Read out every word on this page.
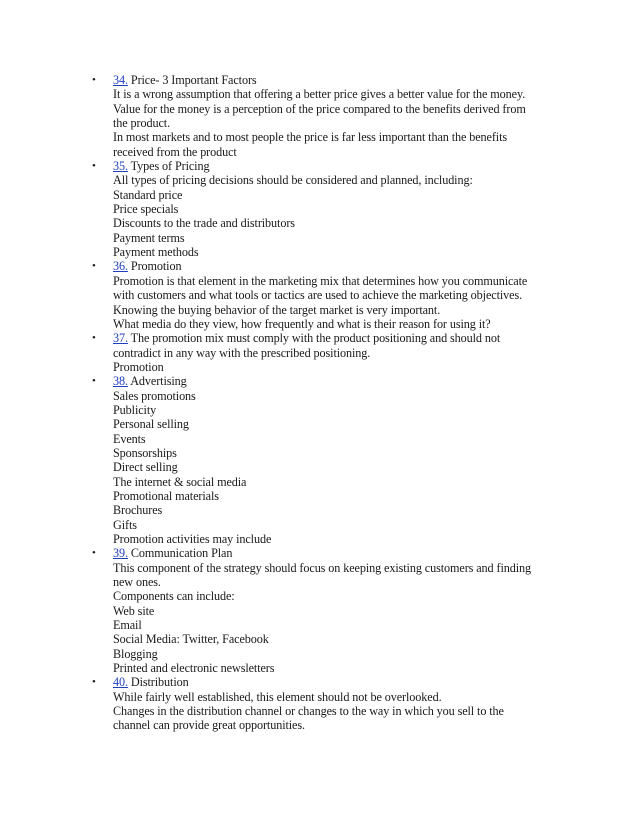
• 34. Price- 3 Important Factors
It is a wrong assumption that offering a better price gives a better value for the money.
Value for the money is a perception of the price compared to the benefits derived from
the product.
In most markets and to most people the price is far less important than the benefits
received from the product
• 35. Types of Pricing
All types of pricing decisions should be considered and planned, including:
Standard price
Price specials
Discounts to the trade and distributors
Payment terms
Payment methods
• 36. Promotion
Promotion is that element in the marketing mix that determines how you communicate
with customers and what tools or tactics are used to achieve the marketing objectives.
Knowing the buying behavior of the target market is very important.
What media do they view, how frequently and what is their reason for using it?
• 37. The promotion mix must comply with the product positioning and should not
contradict in any way with the prescribed positioning.
Promotion
• 38. Advertising
Sales promotions
Publicity
Personal selling
Events
Sponsorships
Direct selling
The internet & social media
Promotional materials
Brochures
Gifts
Promotion activities may include
• 39. Communication Plan
This component of the strategy should focus on keeping existing customers and finding
new ones.
Components can include:
Web site
Email
Social Media: Twitter, Facebook
Blogging
Printed and electronic newsletters
• 40. Distribution
While fairly well established, this element should not be overlooked.
Changes in the distribution channel or changes to the way in which you sell to the
channel can provide great opportunities.
